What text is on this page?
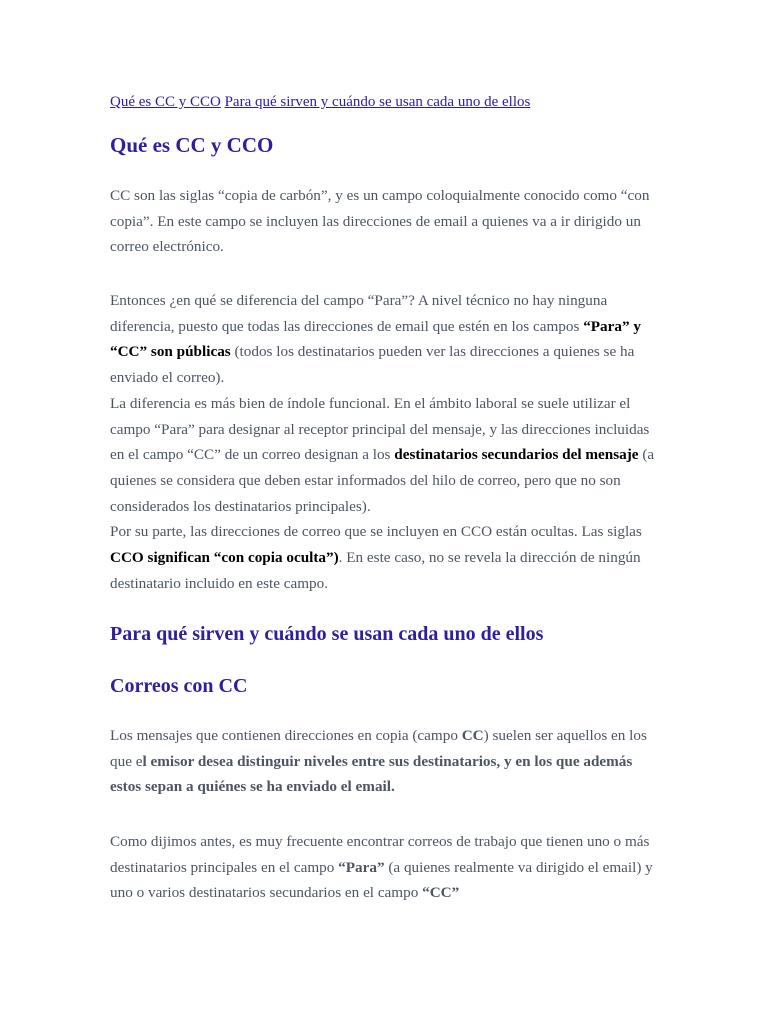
Qué es CC y CCO Para qué sirven y cuándo se usan cada uno de ellos
Qué es CC y CCO

CC son las siglas “copia de carbón”, y es un campo coloquialmente conocido como “con copia”. En este campo se incluyen las direcciones de email a quienes va a ir dirigido un correo electrónico.

Entonces ¿en qué se diferencia del campo “Para”? A nivel técnico no hay ninguna diferencia, puesto que todas las direcciones de email que estén en los campos “Para” y “CC” son públicas (todos los destinatarios pueden ver las direcciones a quienes se ha enviado el correo).
La diferencia es más bien de índole funcional. En el ámbito laboral se suele utilizar el campo “Para” para designar al receptor principal del mensaje, y las direcciones incluidas en el campo “CC” de un correo designan a los destinatarios secundarios del mensaje (a quienes se considera que deben estar informados del hilo de correo, pero que no son considerados los destinatarios principales).
Por su parte, las direcciones de correo que se incluyen en CCO están ocultas. Las siglas CCO significan “con copia oculta”). En este caso, no se revela la dirección de ningún destinatario incluido en este campo.

Para qué sirven y cuándo se usan cada uno de ellos
Correos con CC

Los mensajes que contienen direcciones en copia (campo CC) suelen ser aquellos en los que el emisor desea distinguir niveles entre sus destinatarios, y en los que además estos sepan a quiénes se ha enviado el email.

Como dijimos antes, es muy frecuente encontrar correos de trabajo que tienen uno o más destinatarios principales en el campo “Para” (a quienes realmente va dirigido el email) y uno o varios destinatarios secundarios en el campo “CC”
